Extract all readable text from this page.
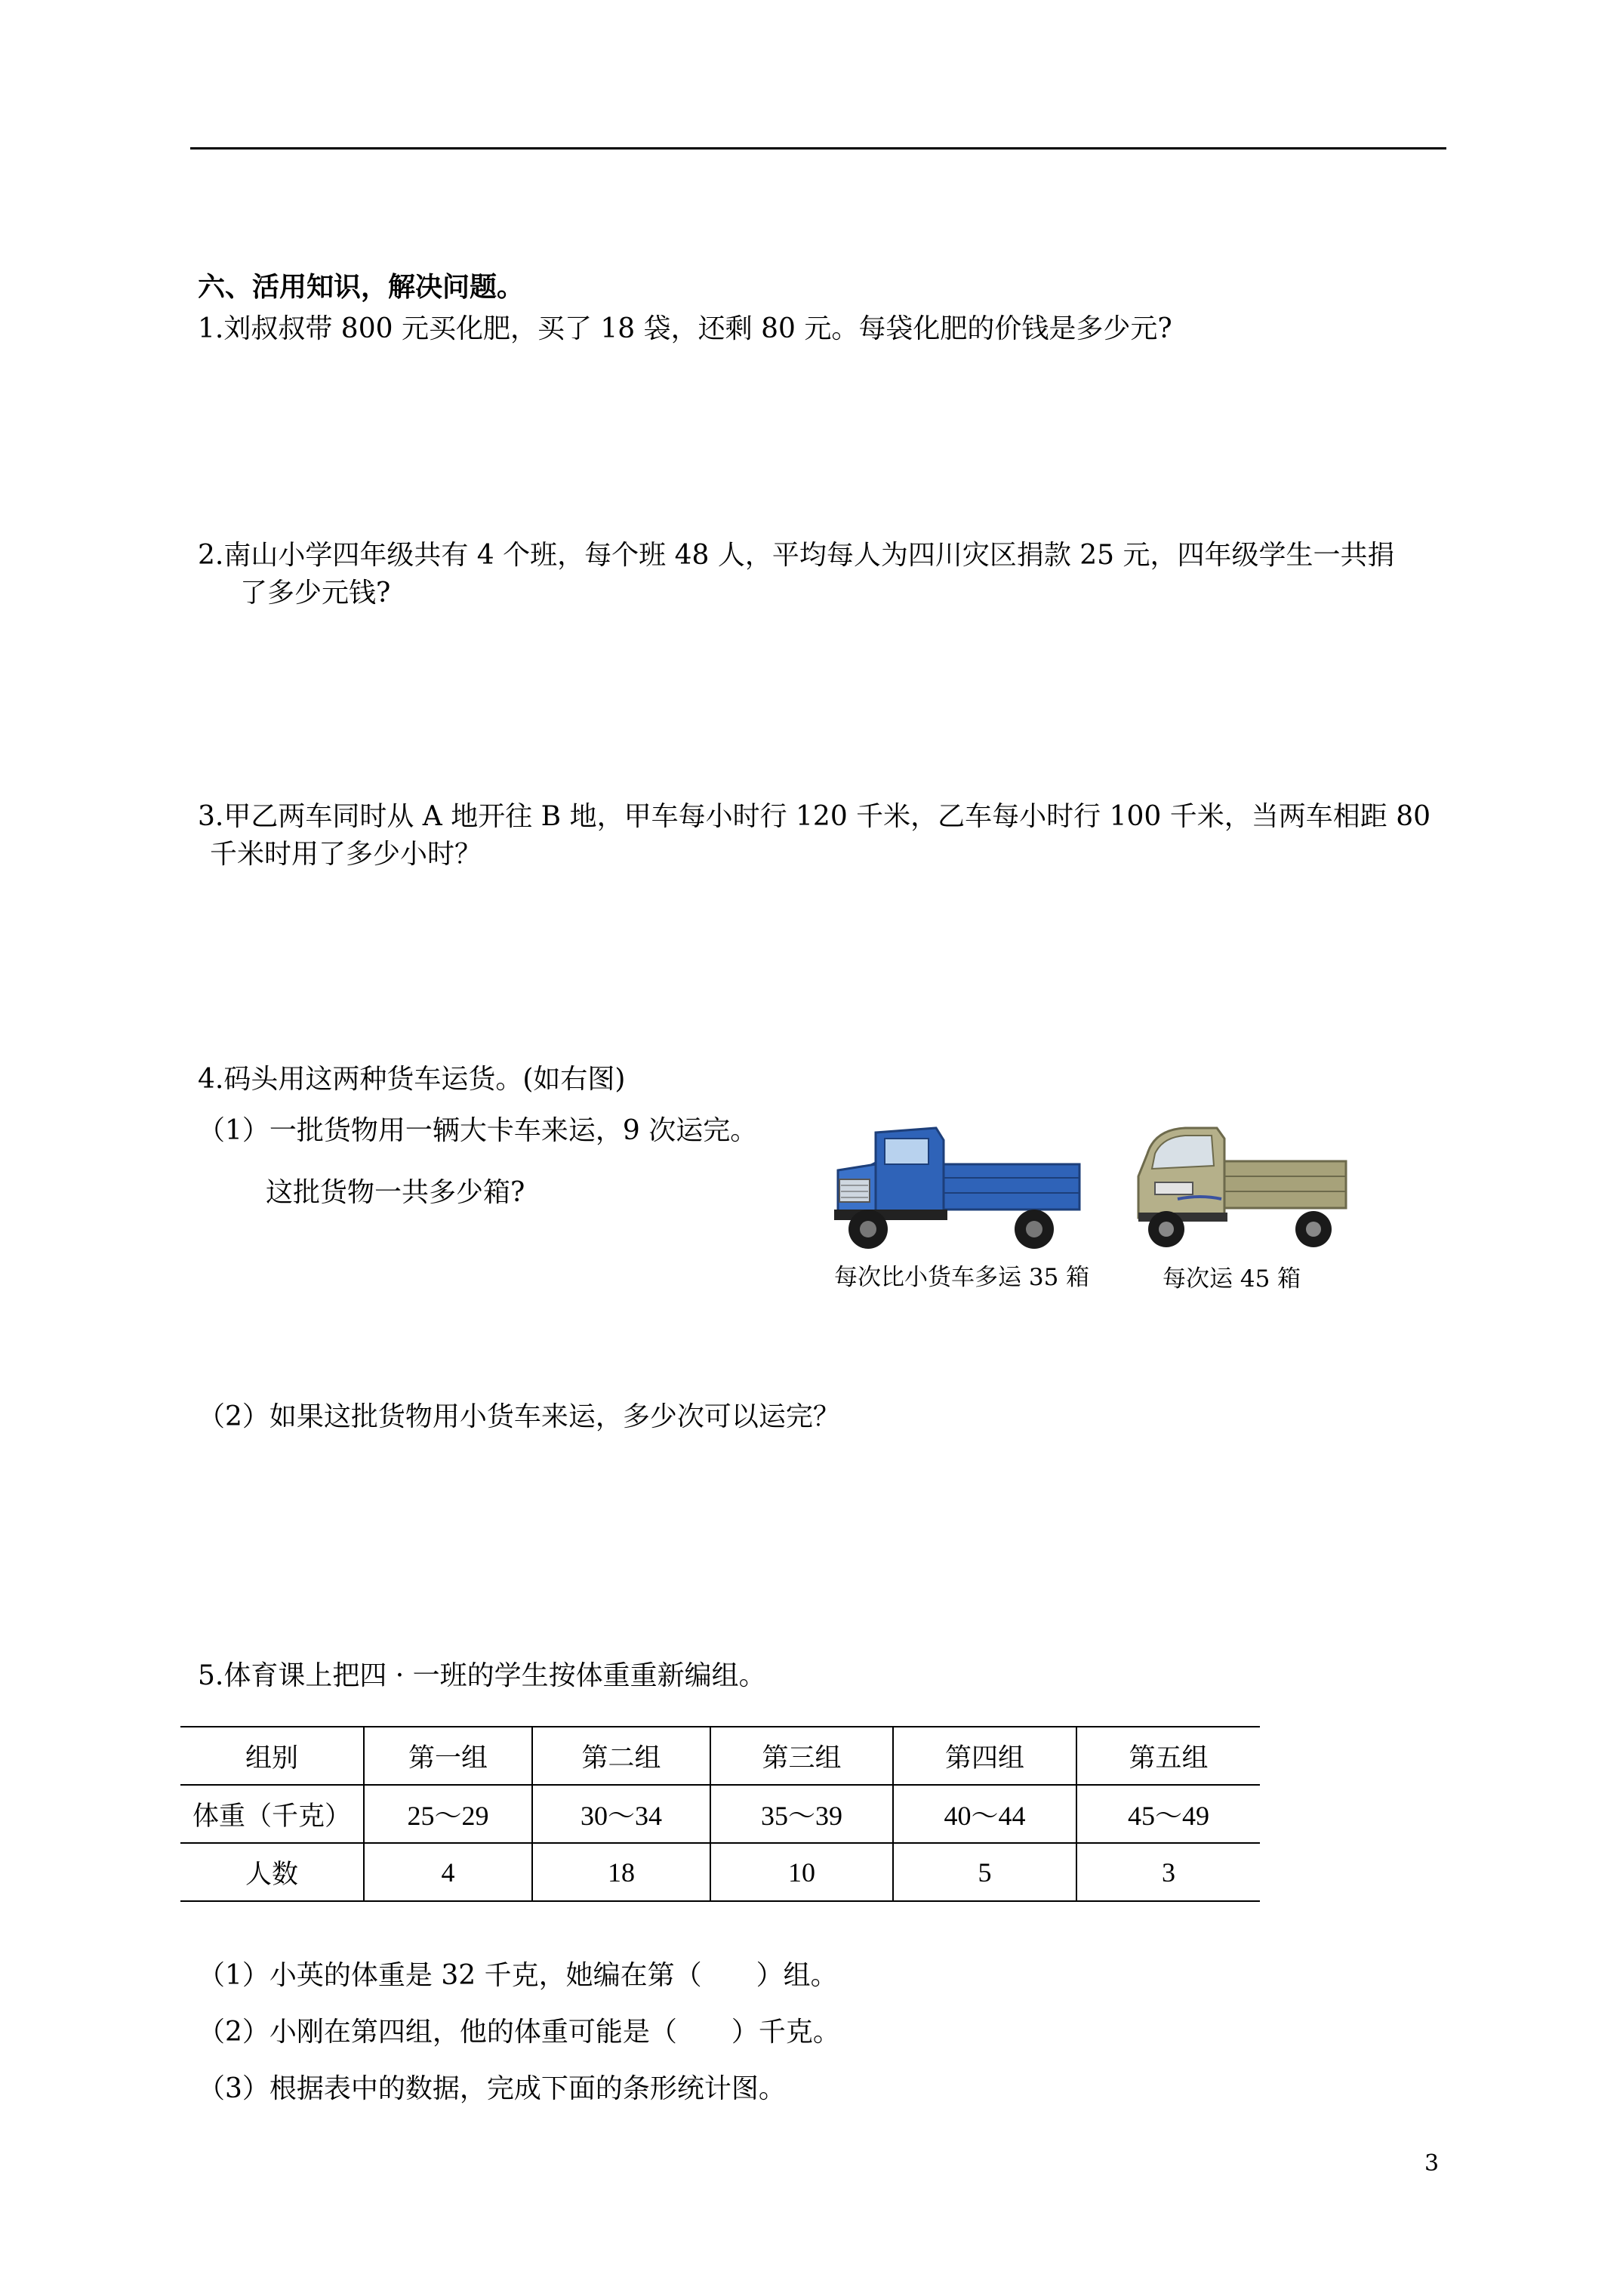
六、活用知识，解决问题。
1.刘叔叔带 800 元买化肥，买了 18 袋，还剩 80 元。每袋化肥的价钱是多少元?
2.南山小学四年级共有 4 个班，每个班 48 人，平均每人为四川灾区捐款 25 元，四年级学生一共捐
了多少元钱?
3.甲乙两车同时从 A 地开往 B 地，甲车每小时行 120 千米，乙车每小时行 100 千米，当两车相距 80
千米时用了多少小时？
4.码头用这两种货车运货。(如右图)
（1）一批货物用一辆大卡车来运，9 次运完。
这批货物一共多少箱?
每次比小货车多运 35 箱	每次运 45 箱
（2）如果这批货物用小货车来运，多少次可以运完？
5.体育课上把四 · 一班的学生按体重重新编组。
组别	第一组	第二组	第三组	第四组	第五组
体重（千克）	25～29	30～34	35～39	40～44	45～49
人数	4	18	10	5	3
（1）小英的体重是 32 千克，她编在第（　　）组。
（2）小刚在第四组，他的体重可能是（　　）千克。
（3）根据表中的数据，完成下面的条形统计图。
3
